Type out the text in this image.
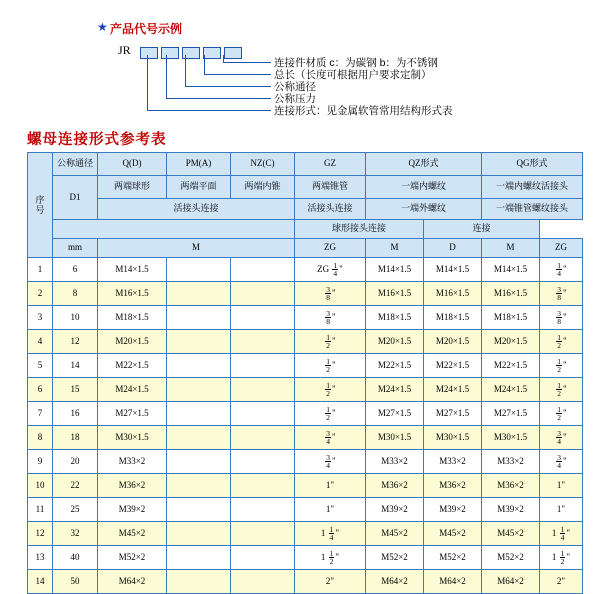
★ 产品代号示例
JR
连接件材质 c：为碳钢 b：为不锈钢
总长（长度可根据用户要求定制）
公称通径
公称压力
连接形式：见金属软管常用结构形式表
螺母连接形式参考表
序号	公称通径	Q(D)	PM(A)	NZ(C)	GZ	QZ形式		QG形式	
	D1	两端球形	两端平面	两端内锥	两端锥管	一端内螺纹		一端内螺纹活接头	
		活接头连接			活接头连接	一端外螺纹		一端锥管螺纹接头	
					球形接头连接		连接		
	mm	M			ZG	M	D	M	ZG
1	6	M14×1.5			ZG $\frac{1}{4}$ "	M14×1.5	M14×1.5	M14×1.5	$\frac{1}{4}$ "
2	8	M16×1.5			$\frac{3}{8}$ "	M16×1.5	M16×1.5	M16×1.5	$\frac{3}{8}$ "
3	10	M18×1.5			$\frac{3}{8}$ "	M18×1.5	M18×1.5	M18×1.5	$\frac{3}{8}$ "
4	12	M20×1.5			$\frac{1}{2}$ "	M20×1.5	M20×1.5	M20×1.5	$\frac{1}{2}$ "
5	14	M22×1.5			$\frac{1}{2}$ "	M22×1.5	M22×1.5	M22×1.5	$\frac{1}{2}$ "
6	15	M24×1.5			$\frac{1}{2}$ "	M24×1.5	M24×1.5	M24×1.5	$\frac{1}{2}$ "
7	16	M27×1.5			$\frac{1}{2}$ "	M27×1.5	M27×1.5	M27×1.5	$\frac{1}{2}$ "
8	18	M30×1.5			$\frac{3}{4}$ "	M30×1.5	M30×1.5	M30×1.5	$\frac{3}{4}$ "
9	20	M33×2			$\frac{3}{4}$ "	M33×2	M33×2	M33×2	$\frac{3}{4}$ "
10	22	M36×2			1"	M36×2	M36×2	M36×2	1"
11	25	M39×2			1"	M39×2	M39×2	M39×2	1"
12	32	M45×2			$1 \frac{1}{4}$ "	M45×2	M45×2	M45×2	$1 \frac{1}{4}$ "
13	40	M52×2			$1 \frac{1}{2}$ "	M52×2	M52×2	M52×2	$1 \frac{1}{2}$ "
14	50	M64×2			2"	M64×2	M64×2	M64×2	2"
